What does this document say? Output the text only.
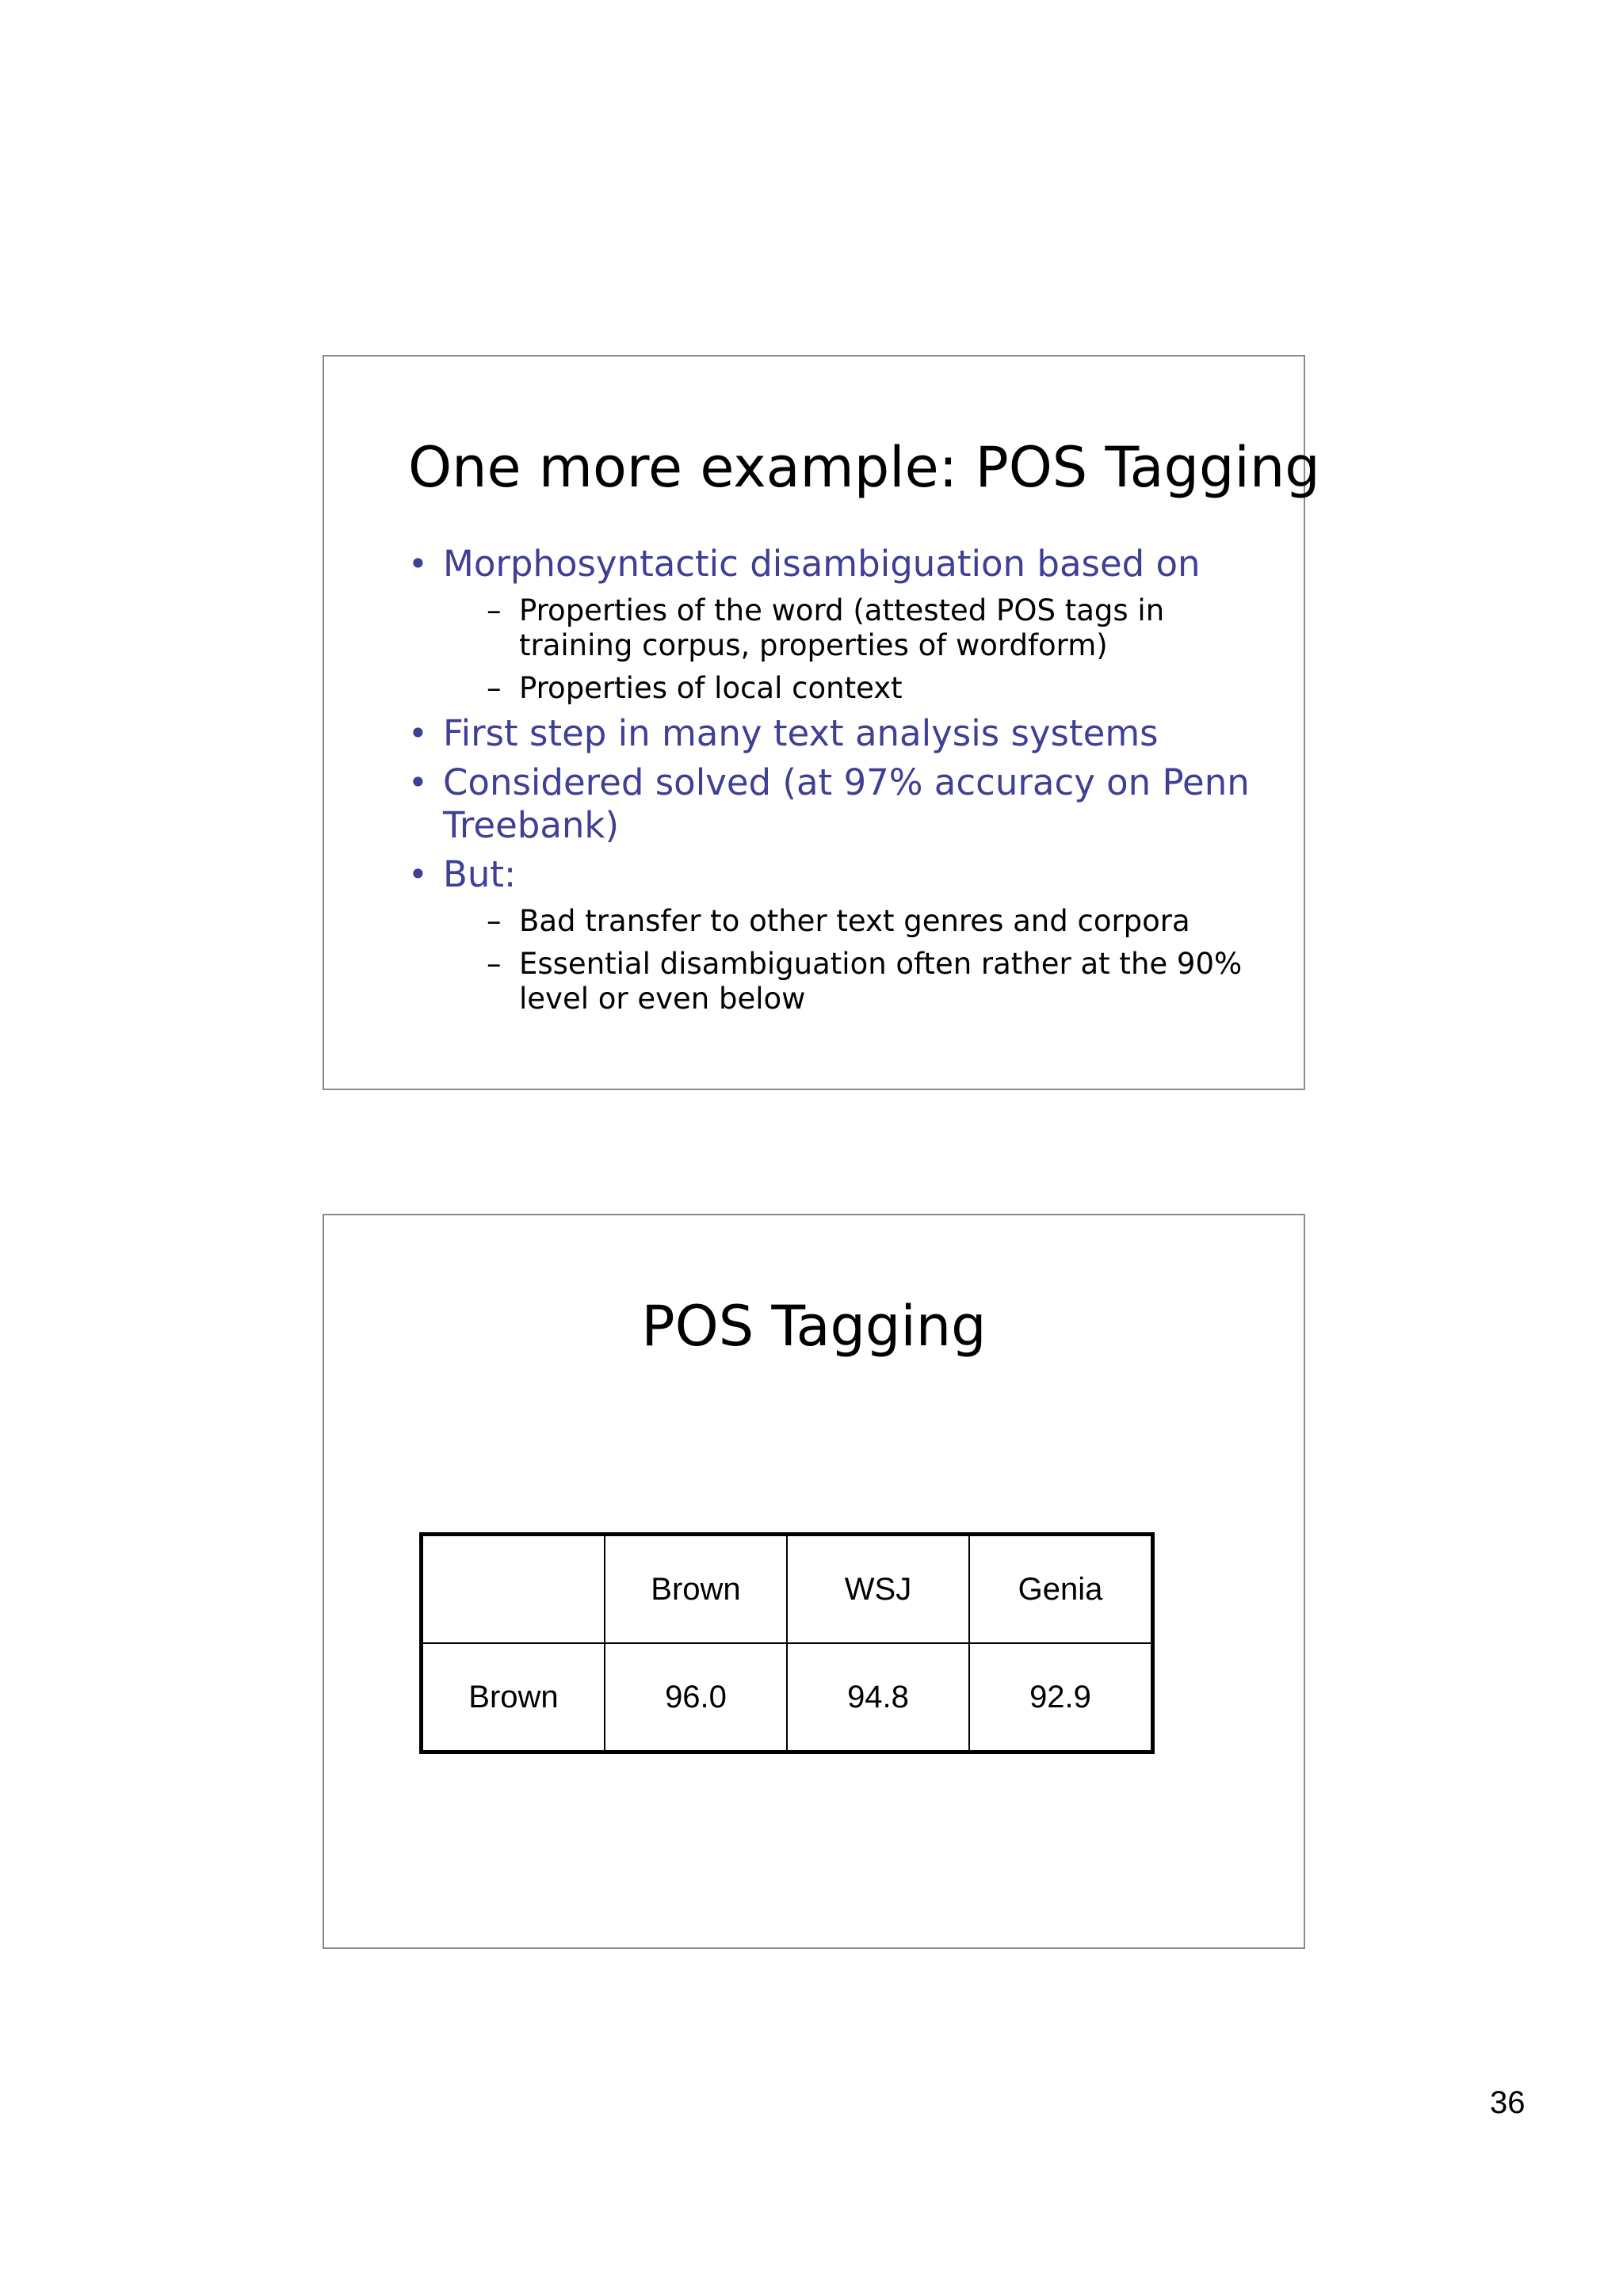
One more example: POS Tagging
• Morphosyntactic disambiguation based on
– Properties of the word (attested POS tags in training corpus, properties of wordform)
– Properties of local context
• First step in many text analysis systems
• Considered solved (at 97% accuracy on Penn Treebank)
• But:
– Bad transfer to other text genres and corpora
– Essential disambiguation often rather at the 90% level or even below
POS Tagging
	Brown	WSJ	Genia
Brown	96.0	94.8	92.9
36
